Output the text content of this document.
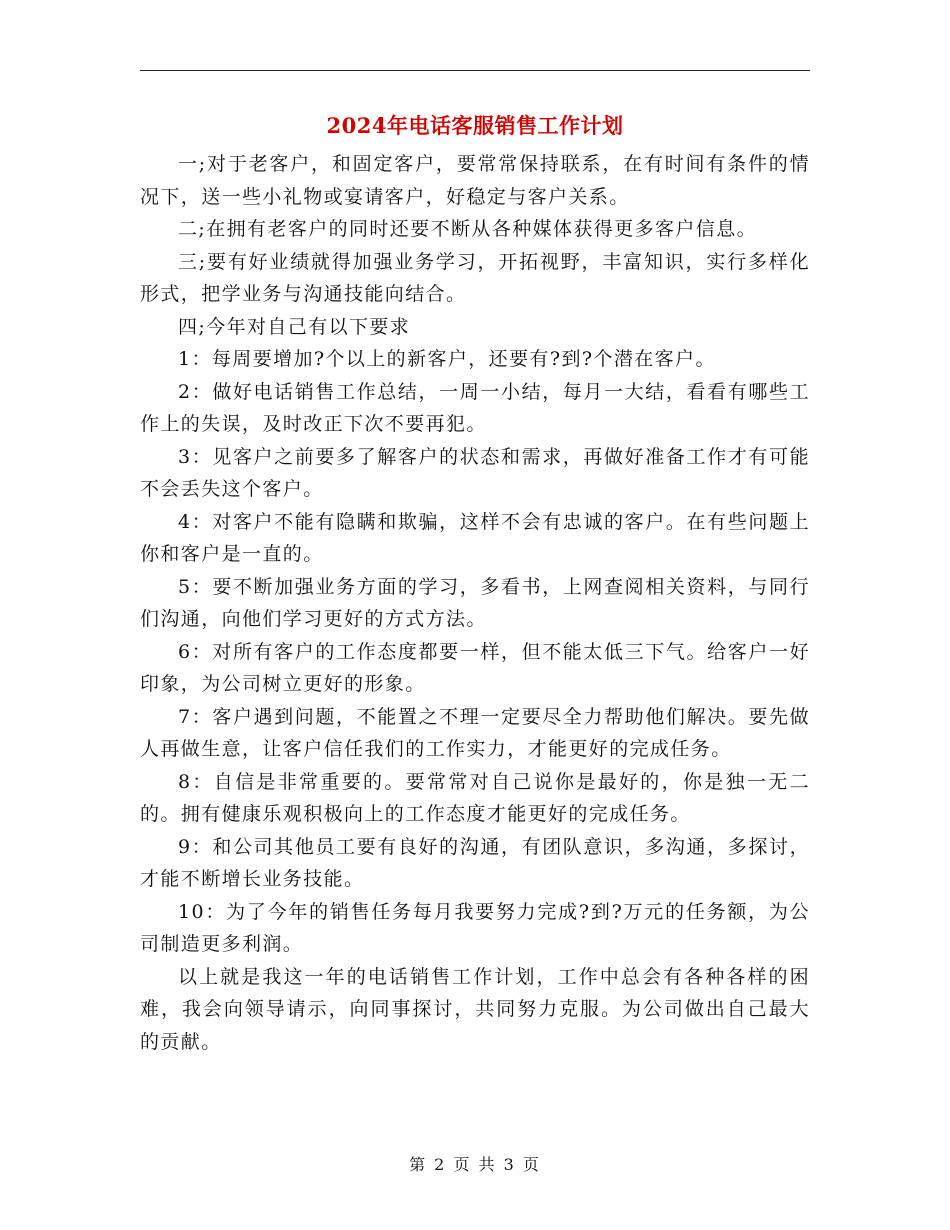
2024年电话客服销售工作计划

一;对于老客户，和固定客户，要常常保持联系，在有时间有条件的情况下，送一些小礼物或宴请客户，好稳定与客户关系。

二;在拥有老客户的同时还要不断从各种媒体获得更多客户信息。

三;要有好业绩就得加强业务学习，开拓视野，丰富知识，实行多样化形式，把学业务与沟通技能向结合。

四;今年对自己有以下要求

1：每周要增加?个以上的新客户，还要有?到?个潜在客户。

2：做好电话销售工作总结，一周一小结，每月一大结，看看有哪些工作上的失误，及时改正下次不要再犯。

3：见客户之前要多了解客户的状态和需求，再做好准备工作才有可能不会丢失这个客户。

4：对客户不能有隐瞒和欺骗，这样不会有忠诚的客户。在有些问题上你和客户是一直的。

5：要不断加强业务方面的学习，多看书，上网查阅相关资料，与同行们沟通，向他们学习更好的方式方法。

6：对所有客户的工作态度都要一样，但不能太低三下气。给客户一好印象，为公司树立更好的形象。

7：客户遇到问题，不能置之不理一定要尽全力帮助他们解决。要先做人再做生意，让客户信任我们的工作实力，才能更好的完成任务。

8：自信是非常重要的。要常常对自己说你是最好的，你是独一无二的。拥有健康乐观积极向上的工作态度才能更好的完成任务。

9：和公司其他员工要有良好的沟通，有团队意识，多沟通，多探讨，才能不断增长业务技能。

10：为了今年的销售任务每月我要努力完成?到?万元的任务额，为公司制造更多利润。

以上就是我这一年的电话销售工作计划，工作中总会有各种各样的困难，我会向领导请示，向同事探讨，共同努力克服。为公司做出自己最大的贡献。

第 2 页 共 3 页
